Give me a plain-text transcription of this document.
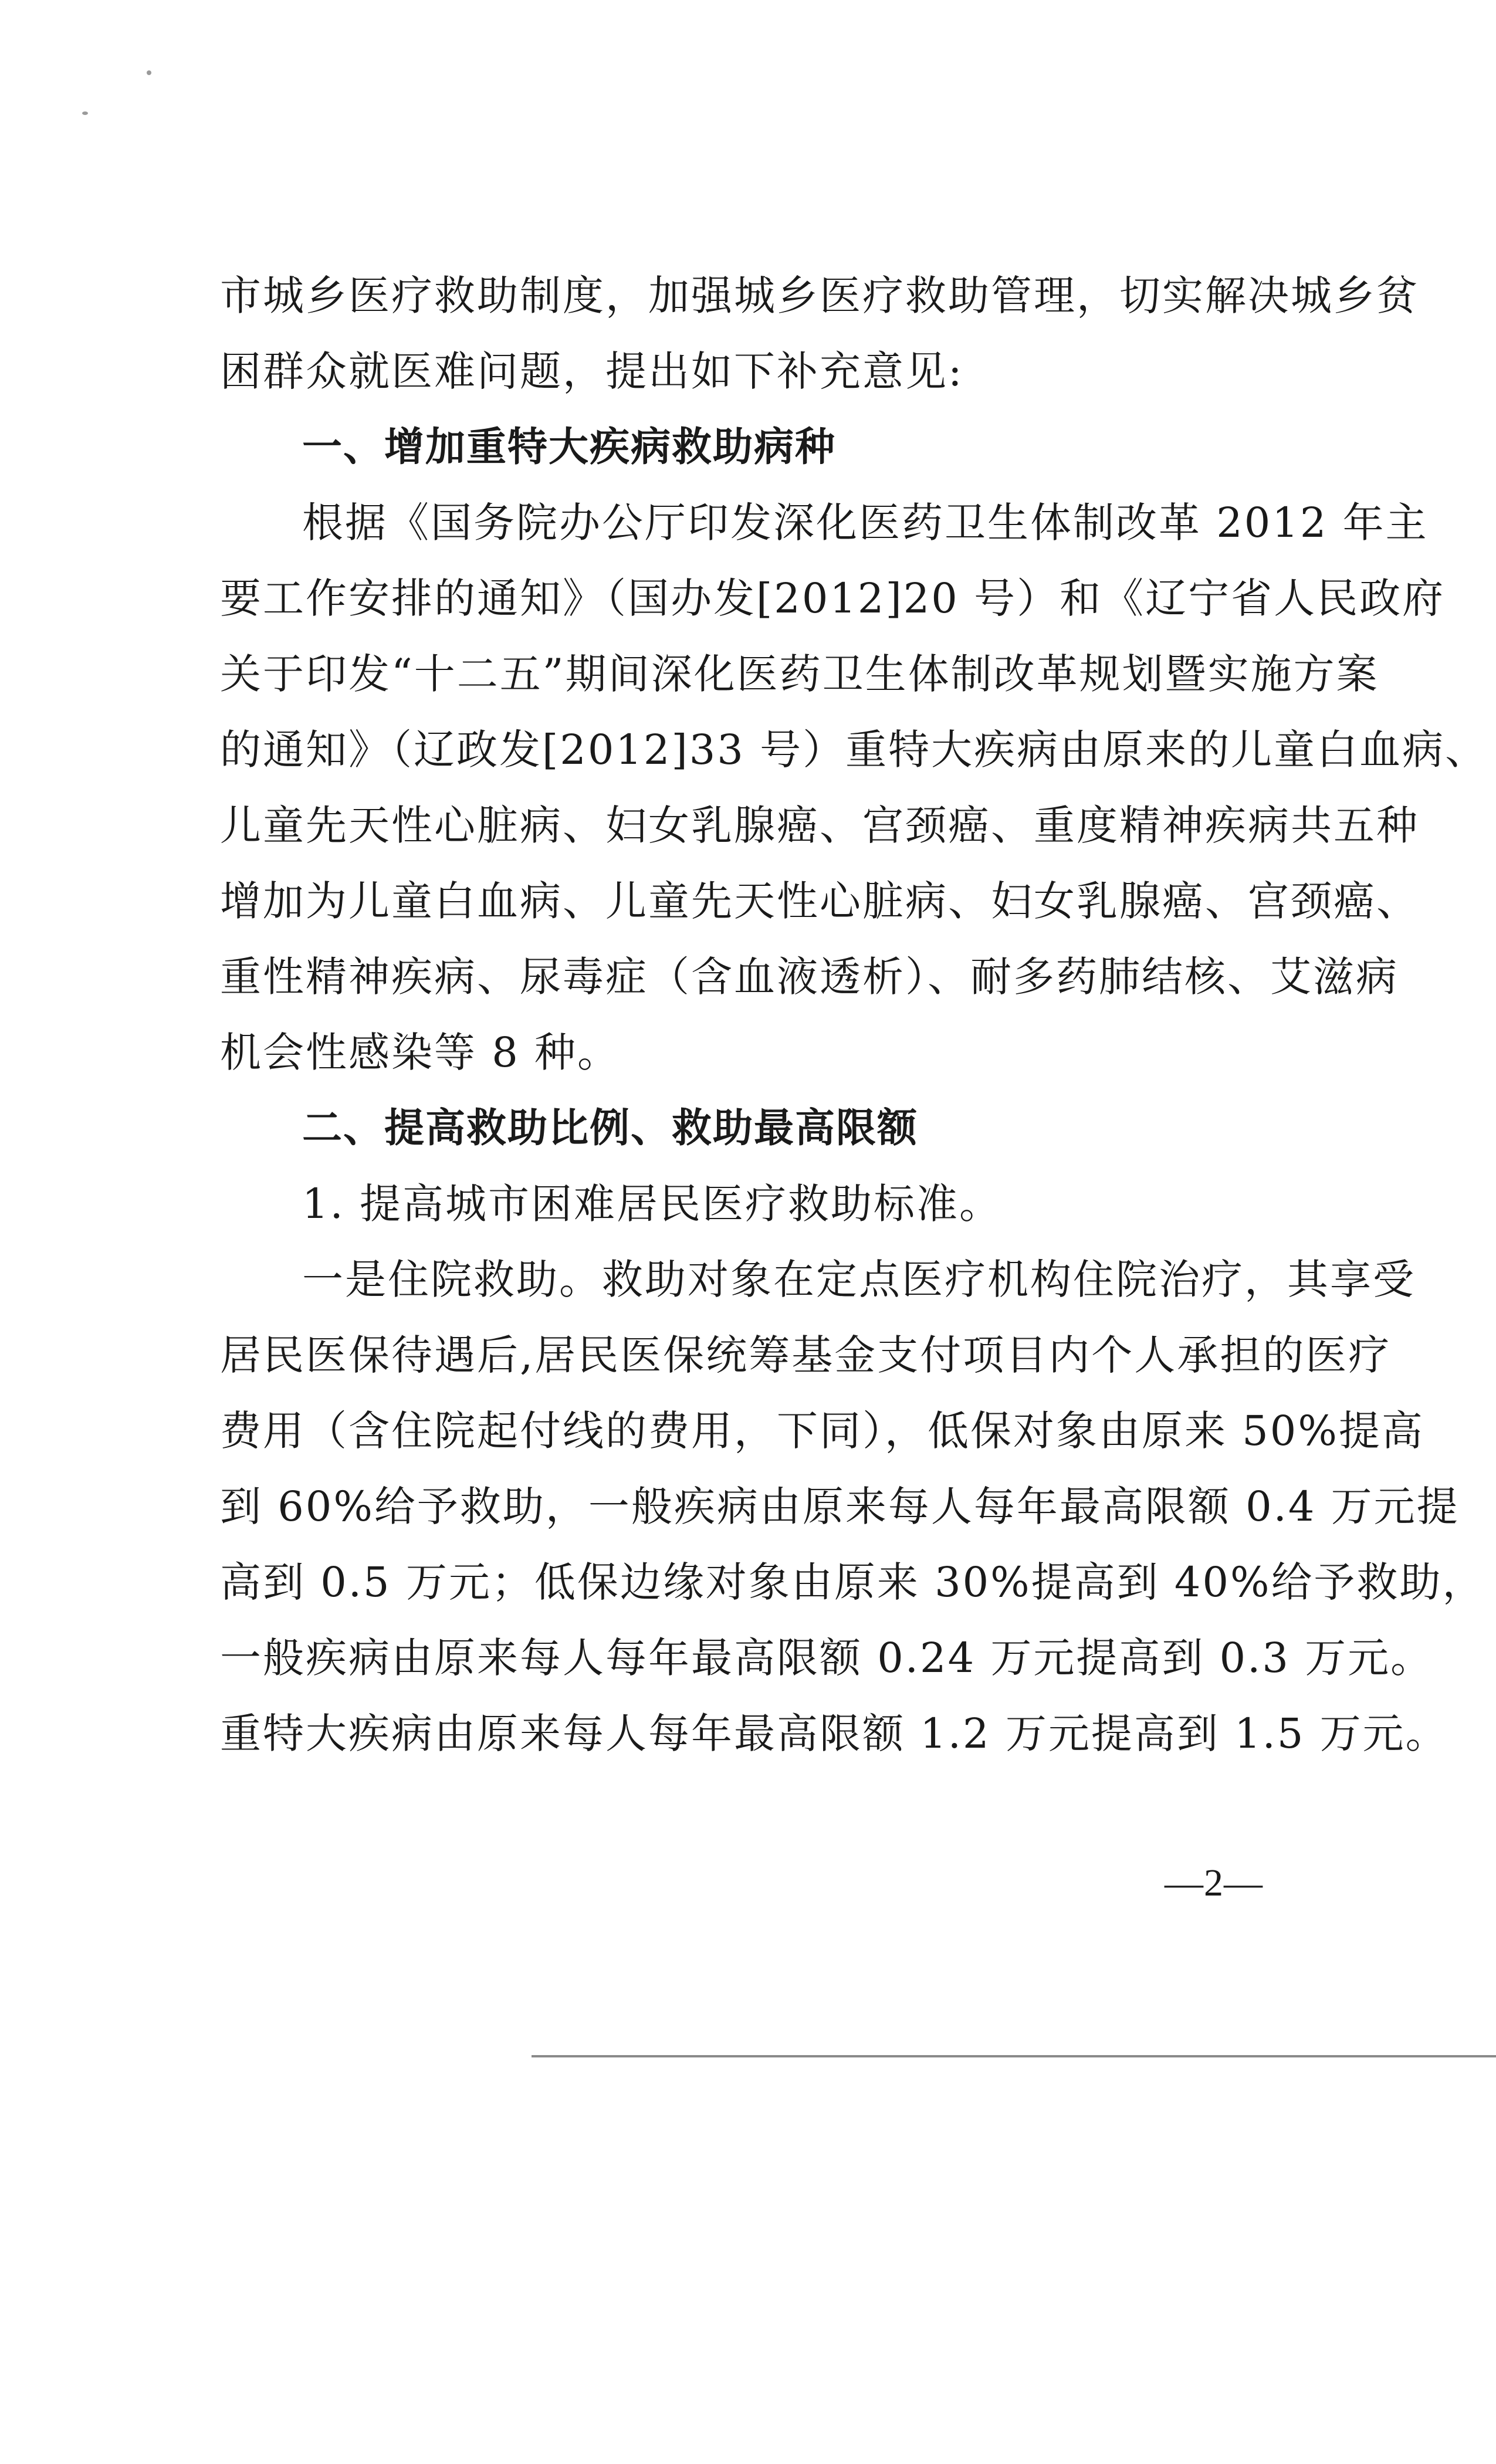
市城乡医疗救助制度，加强城乡医疗救助管理，切实解决城乡贫
困群众就医难问题，提出如下补充意见:
一、增加重特大疾病救助病种
根据《国务院办公厅印发深化医药卫生体制改革 2012 年主
要工作安排的通知》（国办发[2012]20 号）和《辽宁省人民政府
关于印发“十二五”期间深化医药卫生体制改革规划暨实施方案
的通知》（辽政发[2012]33 号）重特大疾病由原来的儿童白血病、
儿童先天性心脏病、妇女乳腺癌、宫颈癌、重度精神疾病共五种
增加为儿童白血病、儿童先天性心脏病、妇女乳腺癌、宫颈癌、
重性精神疾病、尿毒症（含血液透析）、耐多药肺结核、艾滋病
机会性感染等 8 种。
二、提高救助比例、救助最高限额
1. 提高城市困难居民医疗救助标准。
一是住院救助。救助对象在定点医疗机构住院治疗，其享受
居民医保待遇后,居民医保统筹基金支付项目内个人承担的医疗
费用（含住院起付线的费用，下同），低保对象由原来 50%提高
到 60%给予救助，一般疾病由原来每人每年最高限额 0.4 万元提
高到 0.5 万元；低保边缘对象由原来 30%提高到 40%给予救助，
一般疾病由原来每人每年最高限额 0.24 万元提高到 0.3 万元。
重特大疾病由原来每人每年最高限额 1.2 万元提高到 1.5 万元。
—2—
